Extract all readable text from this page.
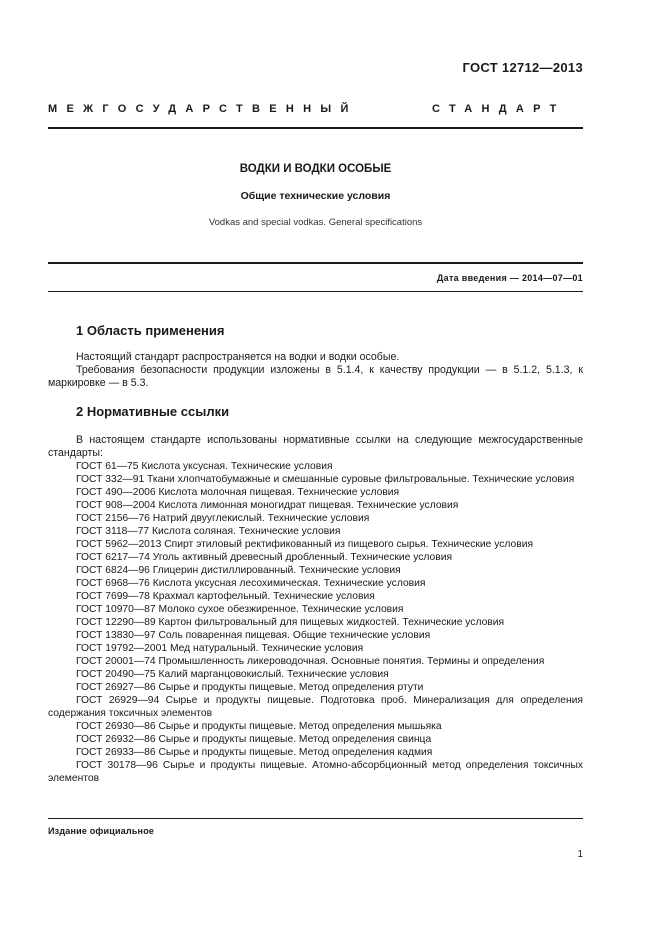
ГОСТ 12712—2013
МЕЖГОСУДАРСТВЕННЫЙ	СТАНДАРТ
ВОДКИ И ВОДКИ ОСОБЫЕ
Общие технические условия
Vodkas and special vodkas. General specifications
Дата введения — 2014—07—01
1 Область применения
Настоящий стандарт распространяется на водки и водки особые.
Требования безопасности продукции изложены в 5.1.4, к качеству продукции — в 5.1.2, 5.1.3, к маркировке — в 5.3.
2 Нормативные ссылки
В настоящем стандарте использованы нормативные ссылки на следующие межгосударственные стандарты:
ГОСТ 61—75 Кислота уксусная. Технические условия
ГОСТ 332—91 Ткани хлопчатобумажные и смешанные суровые фильтровальные. Технические условия
ГОСТ 490—2006 Кислота молочная пищевая. Технические условия
ГОСТ 908—2004 Кислота лимонная моногидрат пищевая. Технические условия
ГОСТ 2156—76 Натрий двууглекислый. Технические условия
ГОСТ 3118—77 Кислота соляная. Технические условия
ГОСТ 5962—2013 Спирт этиловый ректификованный из пищевого сырья. Технические условия
ГОСТ 6217—74 Уголь активный древесный дробленный. Технические условия
ГОСТ 6824—96 Глицерин дистиллированный. Технические условия
ГОСТ 6968—76 Кислота уксусная лесохимическая. Технические условия
ГОСТ 7699—78 Крахмал картофельный. Технические условия
ГОСТ 10970—87 Молоко сухое обезжиренное. Технические условия
ГОСТ 12290—89 Картон фильтровальный для пищевых жидкостей. Технические условия
ГОСТ 13830—97 Соль поваренная пищевая. Общие технические условия
ГОСТ 19792—2001 Мед натуральный. Технические условия
ГОСТ 20001—74 Промышленность ликероводочная. Основные понятия. Термины и определения
ГОСТ 20490—75 Калий марганцовокислый. Технические условия
ГОСТ 26927—86 Сырье и продукты пищевые. Метод определения ртути
ГОСТ 26929—94 Сырье и продукты пищевые. Подготовка проб. Минерализация для определения содержания токсичных элементов
ГОСТ 26930—86 Сырье и продукты пищевые. Метод определения мышьяка
ГОСТ 26932—86 Сырье и продукты пищевые. Метод определения свинца
ГОСТ 26933—86 Сырье и продукты пищевые. Метод определения кадмия
ГОСТ 30178—96 Сырье и продукты пищевые. Атомно-абсорбционный метод определения токсичных элементов
Издание официальное
1
